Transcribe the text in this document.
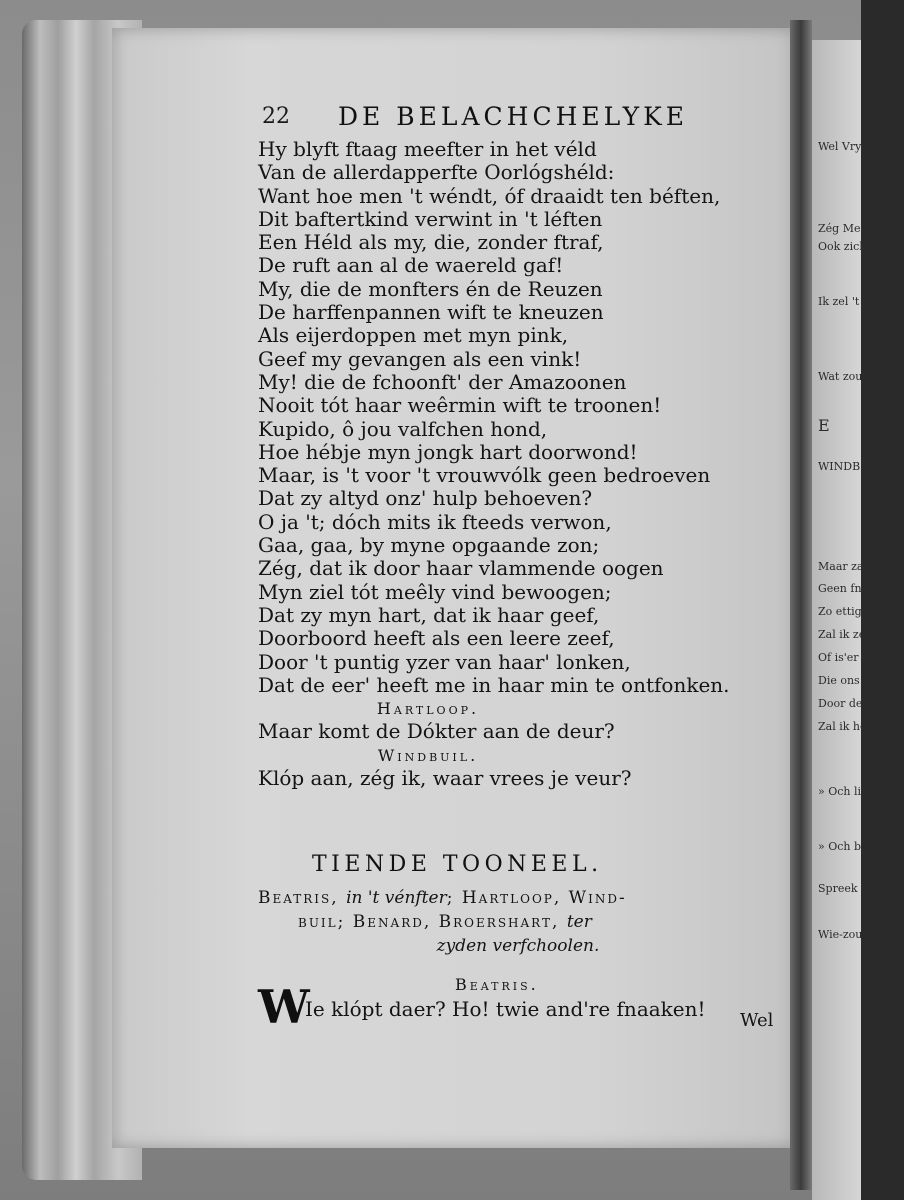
Wel Vrye
Zég Meis
Ook zicht
Ik zel 't h
Wat zou je
E
WINDB
Maar zag
Geen fneuk
Zo ettig m
Zal ik ze fr
Of is'er ieme
Die ons verf
Door deur (ti
Zal ik het hui
» Och lieve J
» Och blyf Br
Spreek Hartloo
Wie-zou ons du
22 DE BELACHCHELYKE
Hy blyft ftaag meefter in het véld
Van de allerdapperfte Oorlógshéld:
Want hoe men 't wéndt, óf draaidt ten béften,
Dit baftertkind verwint in 't léften
Een Héld als my, die, zonder ftraf,
De ruft aan al de waereld gaf!
My, die de monfters én de Reuzen
De harffenpannen wift te kneuzen
Als eijerdoppen met myn pink,
Geef my gevangen als een vink!
My! die de fchoonft' der Amazoonen
Nooit tót haar weêrmin wift te troonen!
Kupido, ô jou valfchen hond,
Hoe hébje myn jongk hart doorwond!
Maar, is 't voor 't vrouwvólk geen bedroeven
Dat zy altyd onz' hulp behoeven?
O ja 't; dóch mits ik fteeds verwon,
Gaa, gaa, by myne opgaande zon;
Zég, dat ik door haar vlammende oogen
Myn ziel tót meêly vind bewoogen;
Dat zy myn hart, dat ik haar geef,
Doorboord heeft als een leere zeef,
Door 't puntig yzer van haar' lonken,
Dat de eer' heeft me in haar min te ontfonken.
Hartloop.
Maar komt de Dókter aan de deur?
Windbuil.
Klóp aan, zég ik, waar vrees je veur?
TIENDE TOONEEL.
Beatris, in 't vénfter; Hartloop, Wind-
buil; Benard, Broershart, ter
zyden verfchoolen.
Beatris.
W
Ie klópt daer? Ho! twie and're fnaaken! Wel
